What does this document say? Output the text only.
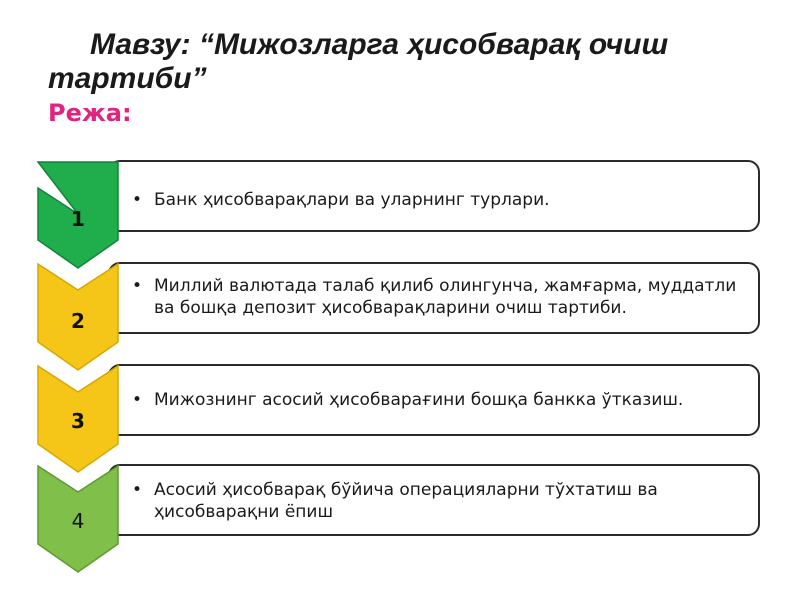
Мавзу: “Мижозларга ҳисобварақ очиш тартиби”
Режа:
• Банк ҳисобварақлари ва уларнинг турлари.
1
• Миллий валютада талаб қилиб олингунча, жамғарма, муддатли ва бошқа депозит ҳисобварақларини очиш тартиби.
2
• Мижознинг асосий ҳисобварағини бошқа банкка ўтказиш.
3
• Асосий ҳисобварақ бўйича операцияларни тўхтатиш ва ҳисобварақни ёпиш
4
